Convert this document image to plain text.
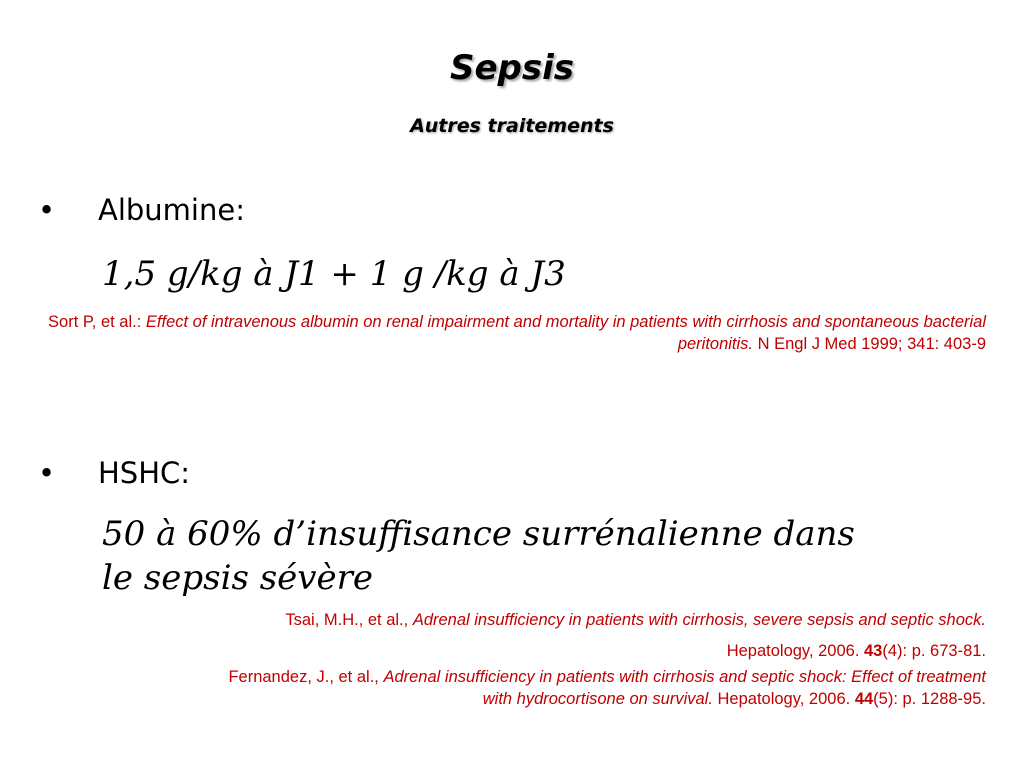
Sepsis
Autres traitements
• Albumine:
1,5 g/kg à J1 + 1 g /kg à J3
Sort P, et al.: Effect of intravenous albumin on renal impairment and mortality in patients with cirrhosis and spontaneous bacterial peritonitis. N Engl J Med 1999; 341: 403-9
• HSHC:
50 à 60% d’insuffisance surrénalienne dans
le sepsis sévère
Tsai, M.H., et al., Adrenal insufficiency in patients with cirrhosis, severe sepsis and septic shock.
Hepatology, 2006. 43(4): p. 673-81.
Fernandez, J., et al., Adrenal insufficiency in patients with cirrhosis and septic shock: Effect of treatment
with hydrocortisone on survival. Hepatology, 2006. 44(5): p. 1288-95.
